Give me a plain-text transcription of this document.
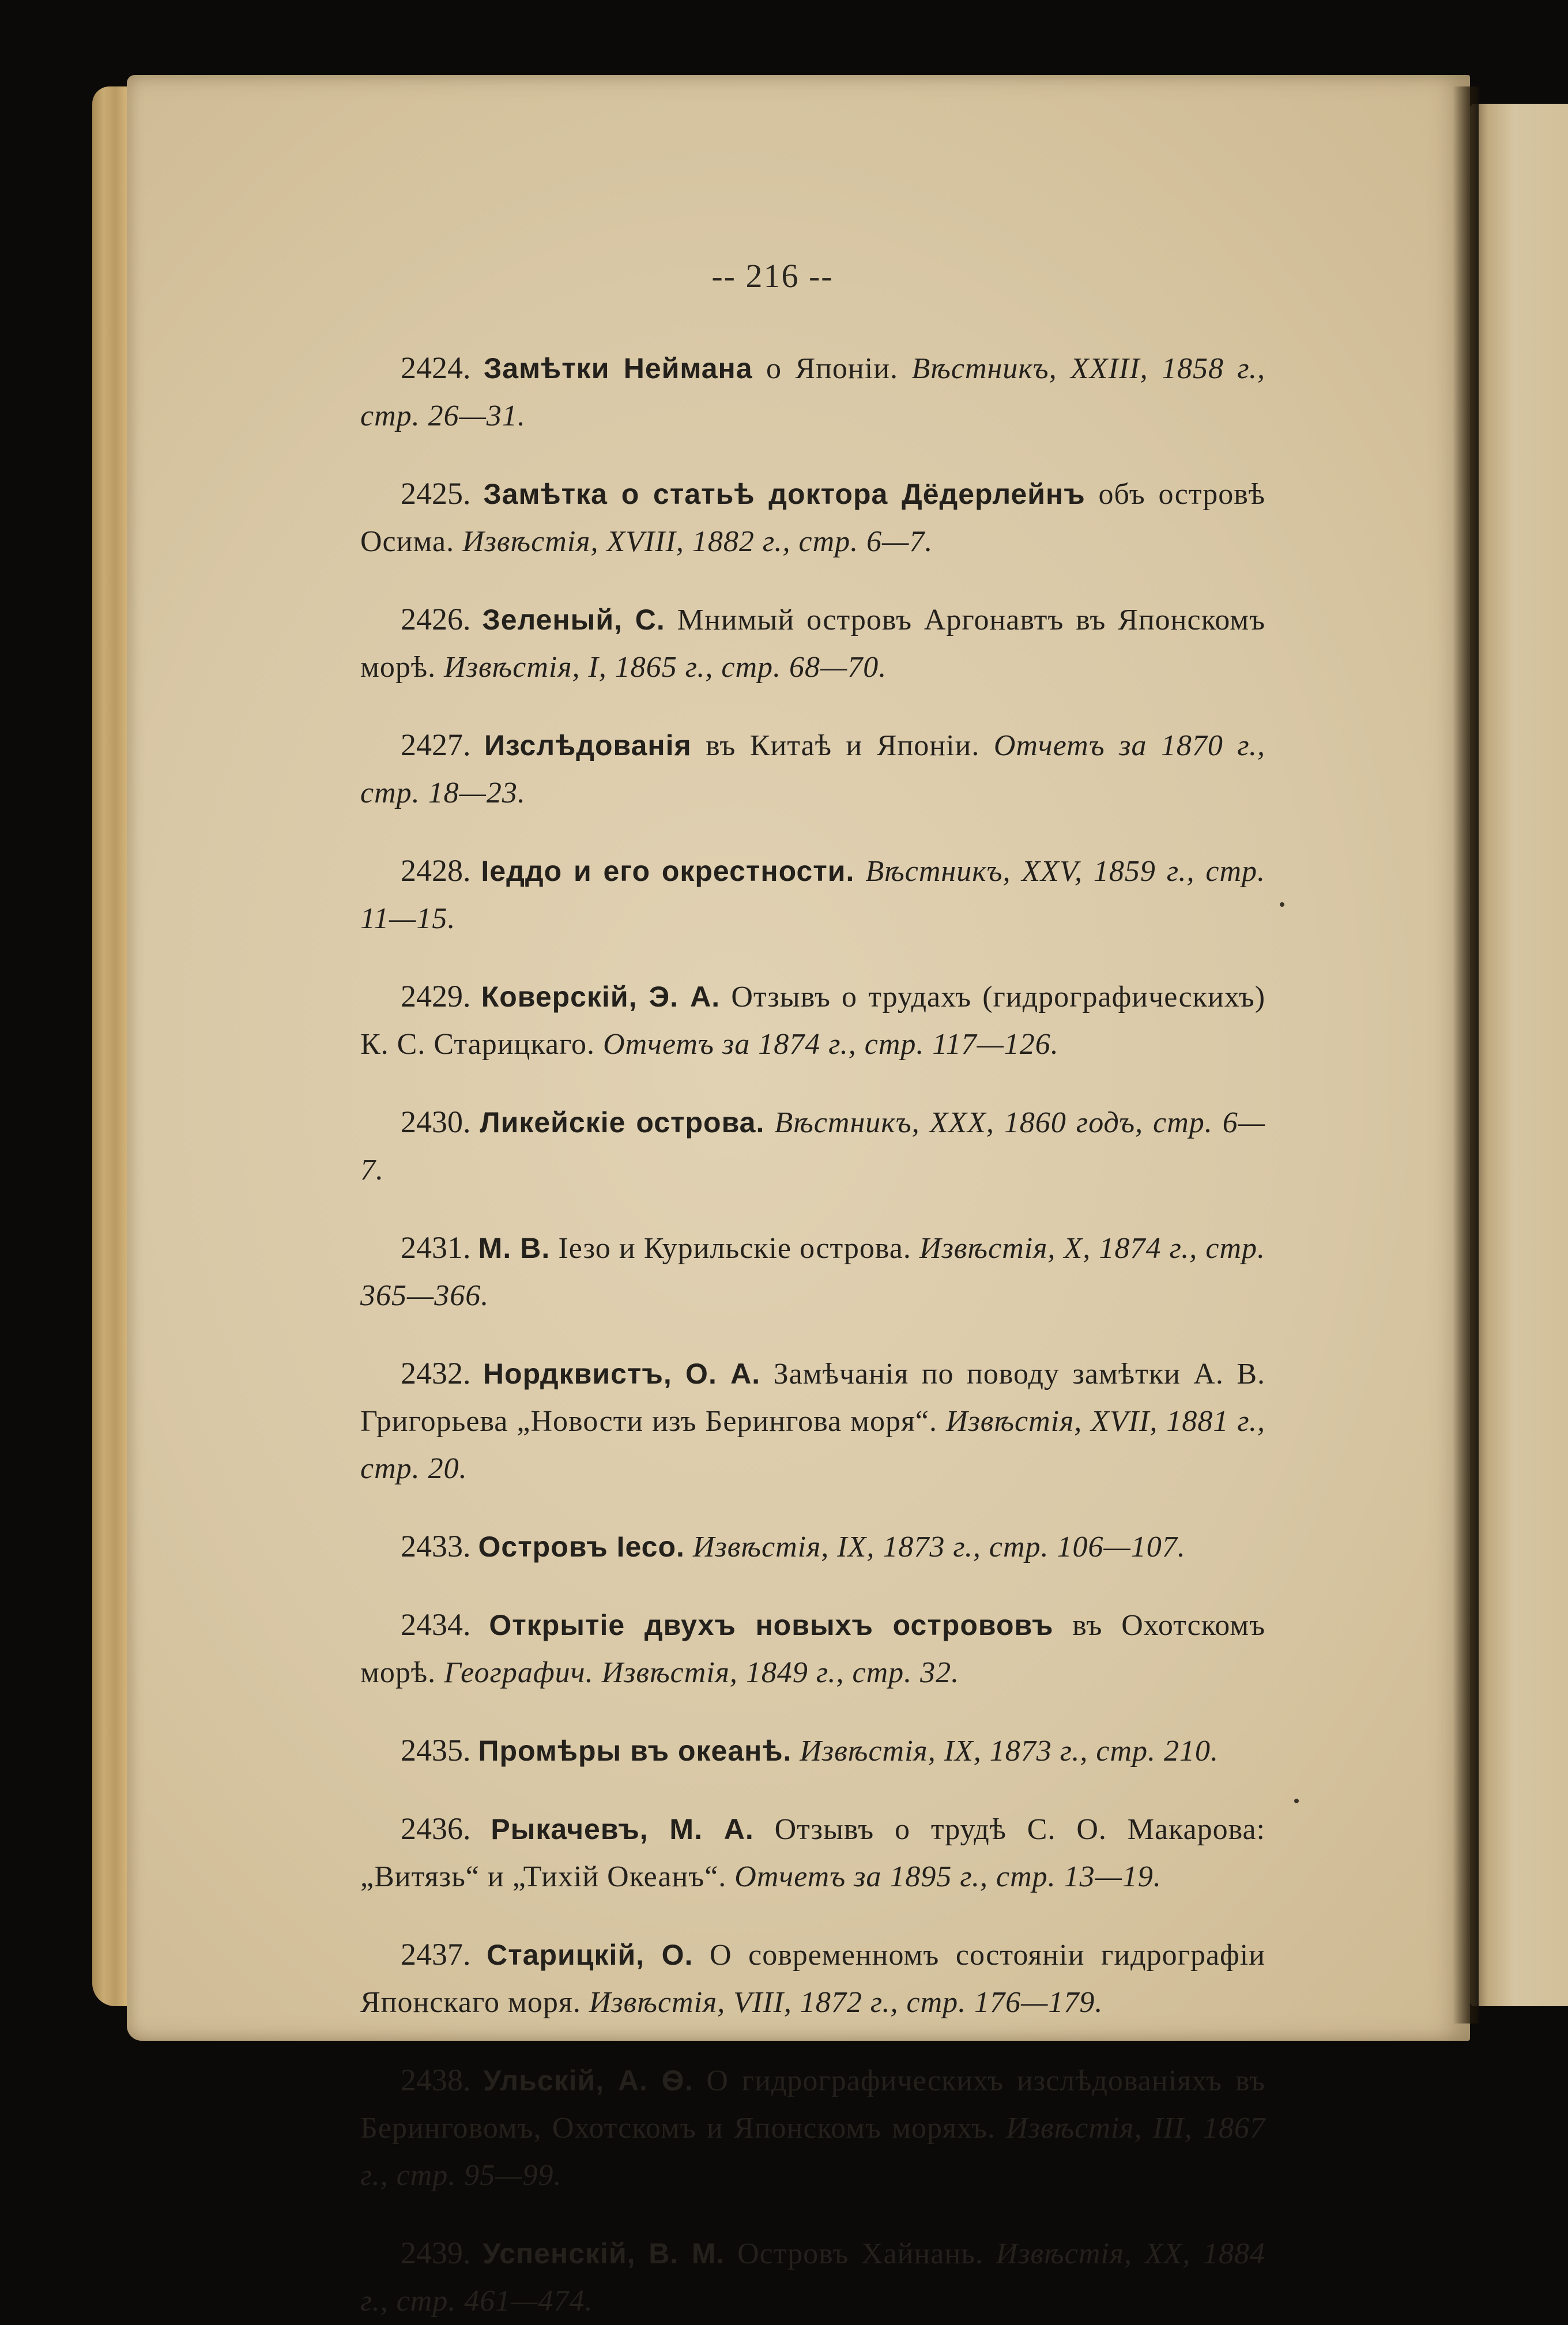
-- 216 --

2424. Замѣтки Неймана о Японіи. Вѣстникъ, XXIII, 1858 г., стр. 26—31.

2425. Замѣтка о статьѣ доктора Дёдерлейнъ объ островѣ Осима. Извѣстія, XVIII, 1882 г., стр. 6—7.

2426. Зеленый, С. Мнимый островъ Аргонавтъ въ Японскомъ морѣ. Извѣстія, I, 1865 г., стр. 68—70.

2427. Изслѣдованія въ Китаѣ и Японіи. Отчетъ за 1870 г., стр. 18—23.

2428. Іеддо и его окрестности. Вѣстникъ, XXV, 1859 г., стр. 11—15.

2429. Коверскій, Э. А. Отзывъ о трудахъ (гидрографическихъ) К. С. Старицкаго. Отчетъ за 1874 г., стр. 117—126.

2430. Ликейскіе острова. Вѣстникъ, XXX, 1860 годъ, стр. 6—7.

2431. М. В. Іезо и Курильскіе острова. Извѣстія, X, 1874 г., стр. 365—366.

2432. Нордквистъ, О. А. Замѣчанія по поводу замѣтки А. В. Григорьева „Новости изъ Берингова моря“. Извѣстія, XVII, 1881 г., стр. 20.

2433. Островъ Іесо. Извѣстія, IX, 1873 г., стр. 106—107.

2434. Открытіе двухъ новыхъ острововъ въ Охотскомъ морѣ. Географич. Извѣстія, 1849 г., стр. 32.

2435. Промѣры въ океанѣ. Извѣстія, IX, 1873 г., стр. 210.

2436. Рыкачевъ, М. А. Отзывъ о трудѣ С. О. Макарова: „Витязь“ и „Тихій Океанъ“. Отчетъ за 1895 г., стр. 13—19.

2437. Старицкій, О. О современномъ состояніи гидрографіи Японскаго моря. Извѣстія, VIII, 1872 г., стр. 176—179.

2438. Ульскій, А. Ѳ. О гидрографическихъ изслѣдованіяхъ въ Беринговомъ, Охотскомъ и Японскомъ моряхъ. Извѣстія, III, 1867 г., стр. 95—99.

2439. Успенскій, В. М. Островъ Хайнань. Извѣстія, XX, 1884 г., стр. 461—474.
